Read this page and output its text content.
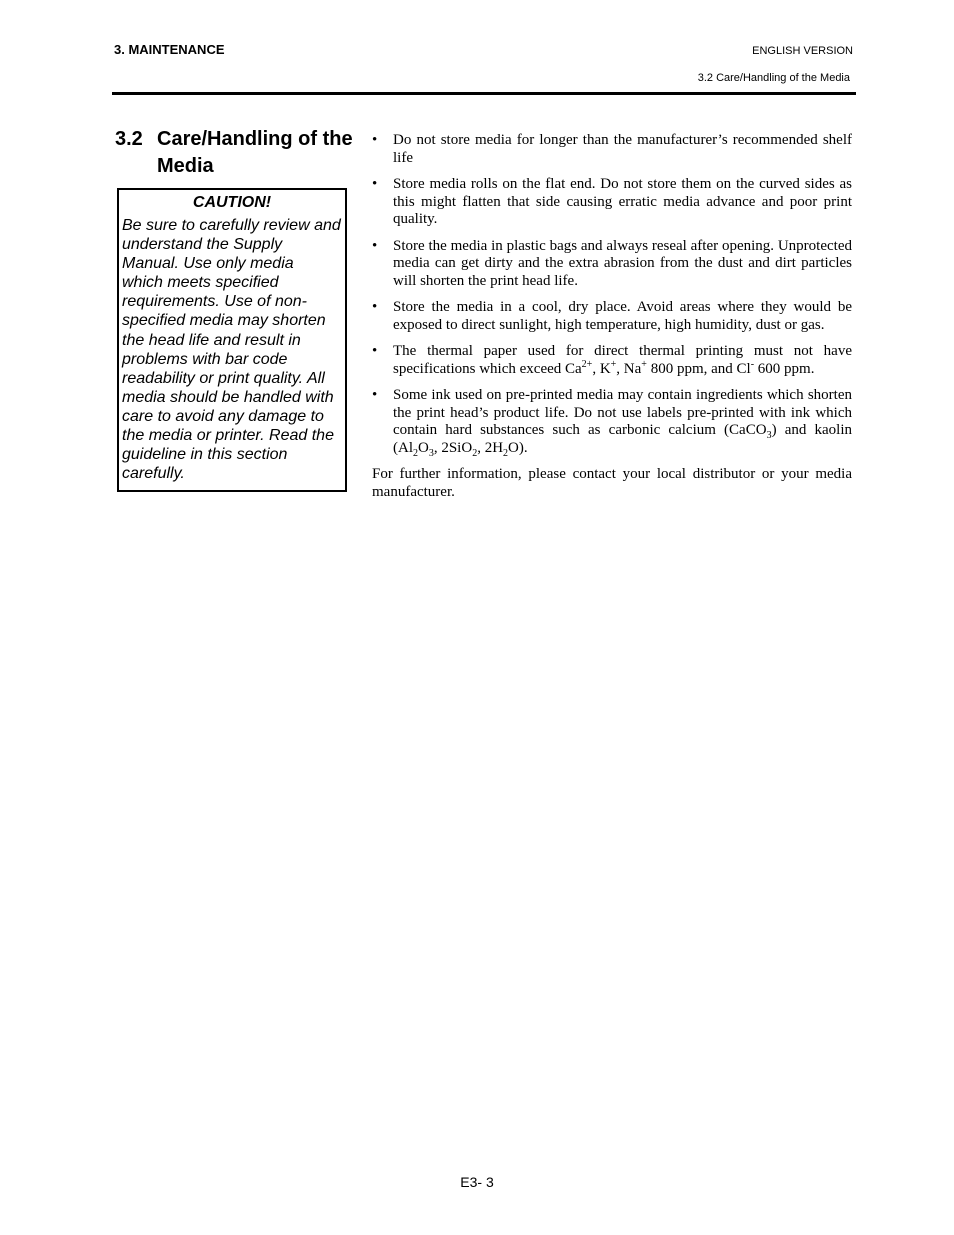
3. MAINTENANCE	ENGLISH VERSION
3.2 Care/Handling of the Media
3.2 Care/Handling of the
Media
CAUTION!
Be sure to carefully review and
understand the Supply
Manual. Use only media
which meets specified
requirements. Use of non-
specified media may shorten
the head life and result in
problems with bar code
readability or print quality. All
media should be handled with
care to avoid any damage to
the media or printer. Read the
guideline in this section
carefully.
• Do not store media for longer than the manufacturer’s recommended shelf life
• Store media rolls on the flat end. Do not store them on the curved sides as this might flatten that side causing erratic media advance and poor print quality.
• Store the media in plastic bags and always reseal after opening. Unprotected media can get dirty and the extra abrasion from the dust and dirt particles will shorten the print head life.
• Store the media in a cool, dry place. Avoid areas where they would be exposed to direct sunlight, high temperature, high humidity, dust or gas.
• The thermal paper used for direct thermal printing must not have specifications which exceed $Ca^{2+}$, K+, Na+ 800 ppm, and Cl- 600 ppm.
• Some ink used on pre-printed media may contain ingredients which shorten the print head’s product life. Do not use labels pre-printed with ink which contain hard substances such as carbonic calcium (CaCO$_3$) and kaolin ($Al_2O_3$, 2SiO$_2$, $2H_2O$).
For further information, please contact your local distributor or your media manufacturer.
E3- 3
